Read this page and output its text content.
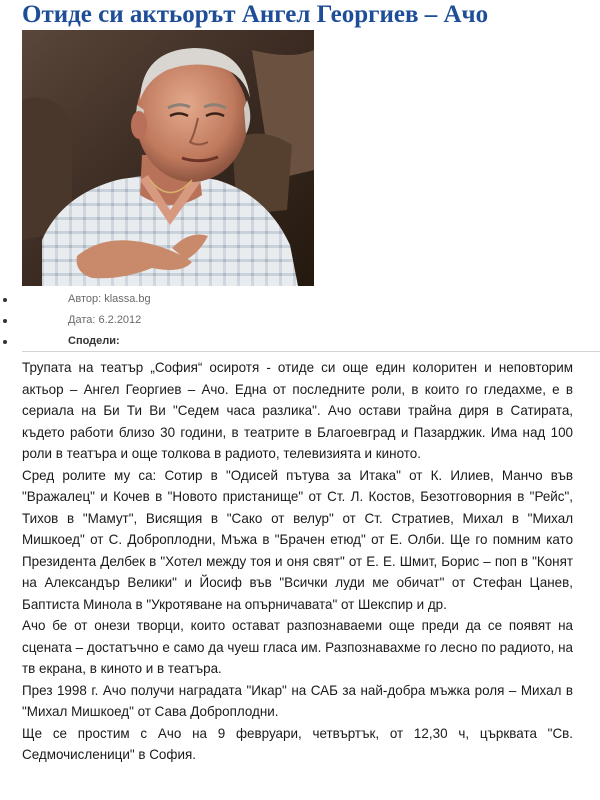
Отиде си актьорът Ангел Георгиев – Ачо
Автор: klassa.bg
Дата: 6.2.2012
Сподели:

Трупата на театър „София“ осиротя - отиде си още един колоритен и неповторим актьор – Ангел Георгиев – Ачо. Една от последните роли, в които го гледахме, е в сериала на Би Ти Ви "Седем часа разлика". Ачо остави трайна диря в Сатирата, където работи близо 30 години, в театрите в Благоевград и Пазарджик. Има над 100 роли в театъра и още толкова в радиото, телевизията и киното.

Сред ролите му са: Сотир в "Одисей пътува за Итака" от К. Илиев, Манчо във "Вражалец" и Кочев в "Новото пристанище" от Ст. Л. Костов, Безотговорния в "Рейс", Тихов в "Мамут", Висящия в "Сако от велур" от Ст. Стратиев, Михал в "Михал Мишкоед" от С. Доброплодни, Мъжа в "Брачен етюд" от Е. Олби. Ще го помним като Президента Делбек в "Хотел между тоя и оня свят" от Е. Е. Шмит, Борис – поп в "Конят на Александър Велики" и Йосиф във "Всички луди ме обичат" от Стефан Цанев, Баптиста Минола в "Укротяване на опърничавата" от Шекспир и др.

Ачо бе от онези творци, които остават разпознаваеми още преди да се появят на сцената – достатъчно е само да чуеш гласа им. Разпознавахме го лесно по радиото, на тв екрана, в киното и в театъра.

През 1998 г. Ачо получи наградата "Икар" на САБ за най-добра мъжка роля – Михал в "Михал Мишкоед" от Сава Доброплодни.

Ще се простим с Ачо на 9 февруари, четвъртък, от 12,30 ч, църквата "Св. Седмочисленици" в София.
